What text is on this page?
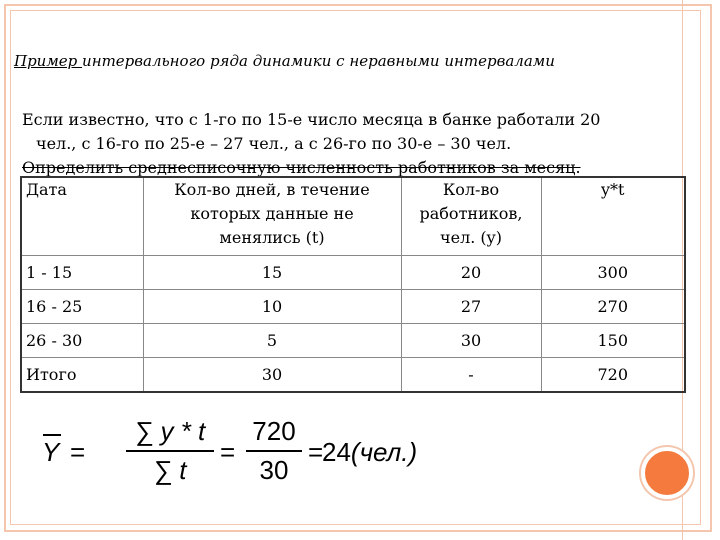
Пример интервального ряда динамики с неравными интервалами
Если известно, что с 1-го по 15-е число месяца в банке работали 20
чел., с 16-го по 25-е – 27 чел., а с 26-го по 30-е – 30 чел.
Определить среднесписочную численность работников за месяц.
Дата	Кол-во дней, в течение которых данные не менялись (t)	Кол-во работников, чел. (y)	y*t
1 - 15	15	20	300
16 - 25	10	27	270
26 - 30	5	30	150
Итого	30	-	720
Y =
∑ y * t
∑ t
=
720
30
=
24(чел.)
